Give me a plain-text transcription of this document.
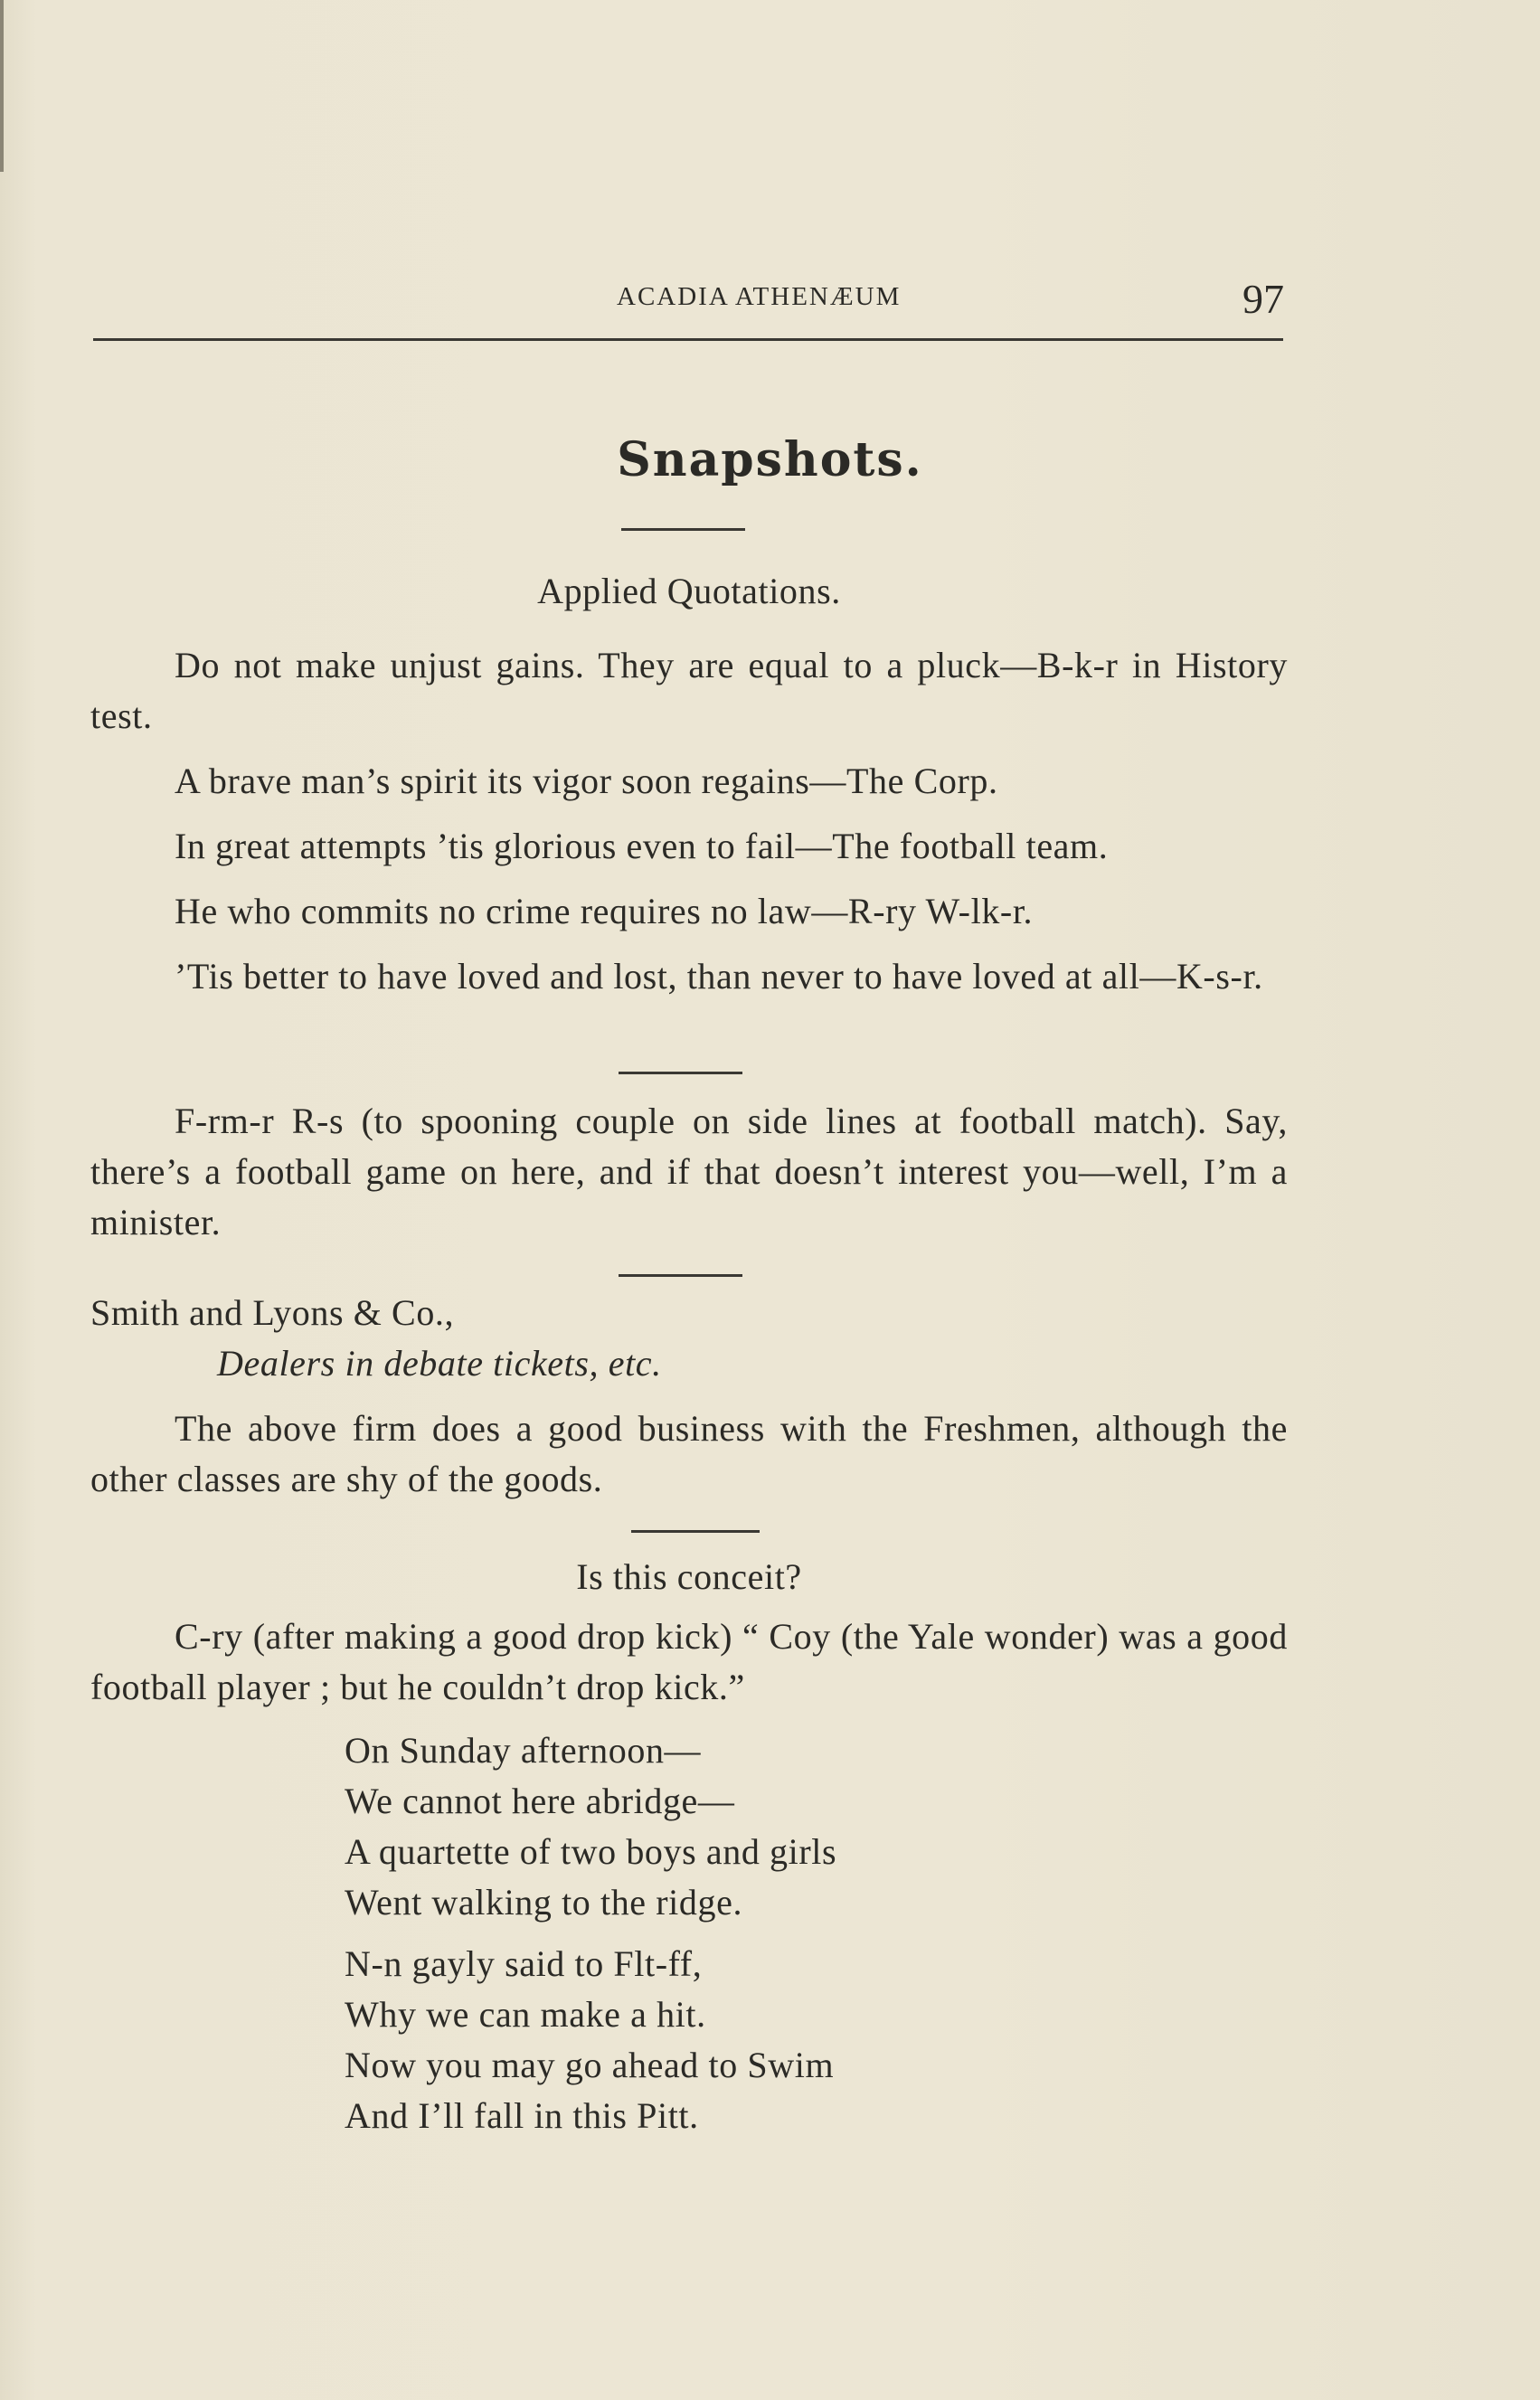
ACADIA ATHENÆUM	97
Snapshots.

Applied Quotations.

Do not make unjust gains. They are equal to a pluck—B-k-r in History test.

A brave man’s spirit its vigor soon regains—The Corp.

In great attempts ’tis glorious even to fail—The football team.

He who commits no crime requires no law—R-ry W-lk-r.

’Tis better to have loved and lost, than never to have loved at all—K-s-r.

F-rm-r R-s (to spooning couple on side lines at football match). Say, there’s a football game on here, and if that doesn’t interest you—well, I’m a minister.

Smith and Lyons & Co.,

Dealers in debate tickets, etc.

The above firm does a good business with the Freshmen, although the other classes are shy of the goods.

Is this conceit?

C-ry (after making a good drop kick) “ Coy (the Yale wonder) was a good football player ; but he couldn’t drop kick.”

On Sunday afternoon—

We cannot here abridge—

A quartette of two boys and girls

Went walking to the ridge.

N-n gayly said to Flt-ff,

Why we can make a hit.

Now you may go ahead to Swim

And I’ll fall in this Pitt.
